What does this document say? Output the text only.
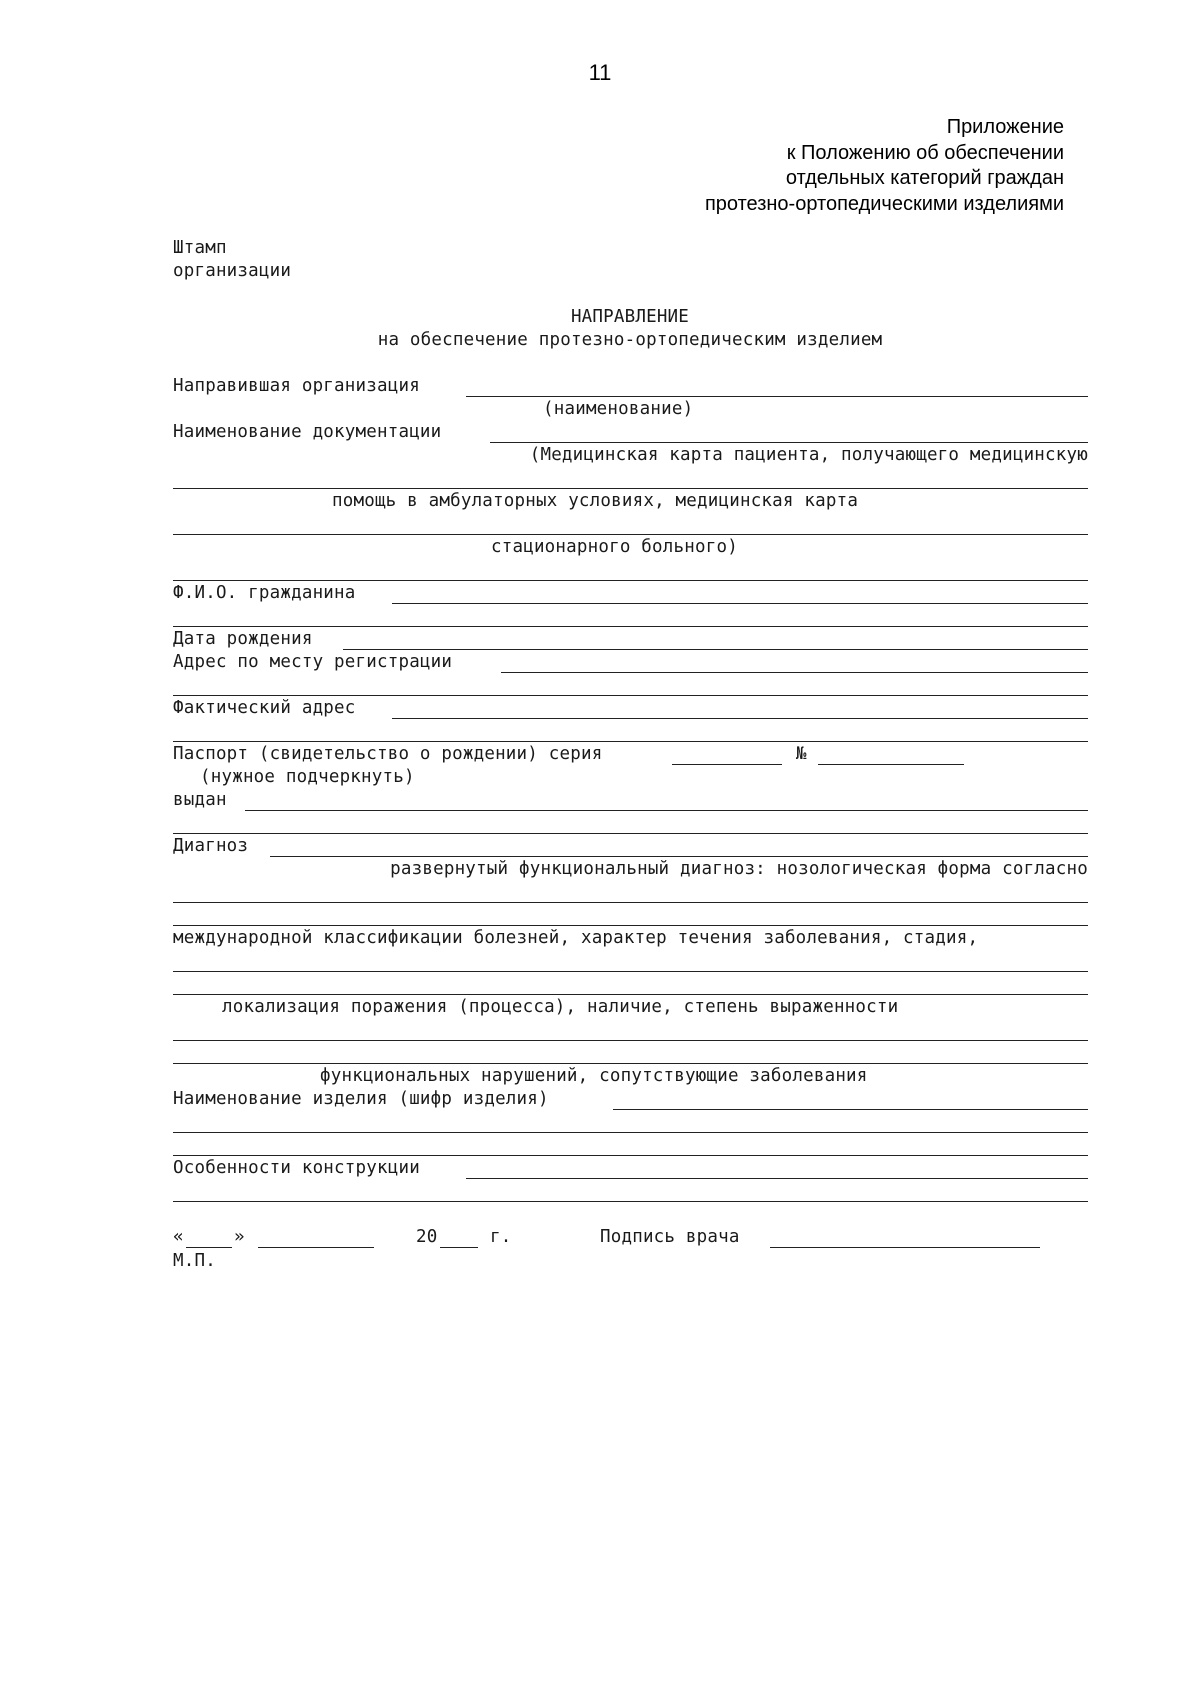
11
Приложение
к Положению об обеспечении
отдельных категорий граждан
протезно-ортопедическими изделиями
Штамп
организации
НАПРАВЛЕНИЕ
на обеспечение протезно-ортопедическим изделием
Направившая организация
(наименование)
Наименование документации
(Медицинская карта пациента, получающего медицинскую
помощь в амбулаторных условиях, медицинская карта
стационарного больного)
Ф.И.О. гражданина
Дата рождения
Адрес по месту регистрации
Фактический адрес
Паспорт (свидетельство о рождении) серия	№
(нужное подчеркнуть)
выдан
Диагноз
развернутый функциональный диагноз: нозологическая форма согласно
международной классификации болезней, характер течения заболевания, стадия,
локализация поражения (процесса), наличие, степень выраженности
функциональных нарушений, сопутствующие заболевания
Наименование изделия (шифр изделия)
Особенности конструкции
«	»	20	г.	Подпись врача
М.П.
